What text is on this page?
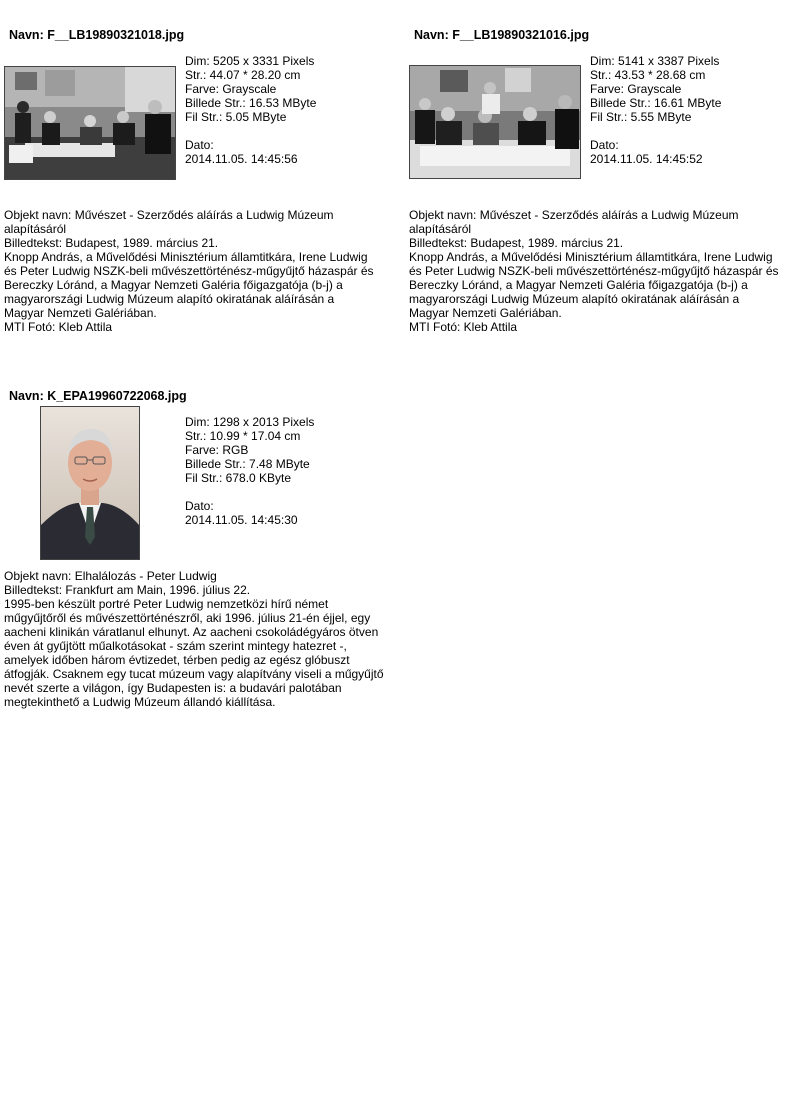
Navn: F__LB19890321018.jpg
Dim: 5205 x 3331 Pixels
Str.: 44.07 * 28.20 cm
Farve: Grayscale
Billede Str.: 16.53 MByte
Fil Str.: 5.05 MByte
Dato:
2014.11.05. 14:45:56
Objekt navn: Művészet - Szerződés aláírás a Ludwig Múzeum alapításáról
Billedtekst: Budapest, 1989. március 21.
Knopp András, a Művelődési Minisztérium államtitkára, Irene Ludwig és Peter Ludwig NSZK-beli művészettörténész-műgyűjtő házaspár és Bereczky Lóránd, a Magyar Nemzeti Galéria főigazgatója (b-j) a magyarországi Ludwig Múzeum alapító okiratának aláírásán a Magyar Nemzeti Galériában.
MTI Fotó: Kleb Attila
Navn: F__LB19890321016.jpg
Dim: 5141 x 3387 Pixels
Str.: 43.53 * 28.68 cm
Farve: Grayscale
Billede Str.: 16.61 MByte
Fil Str.: 5.55 MByte
Dato:
2014.11.05. 14:45:52
Objekt navn: Művészet - Szerződés aláírás a Ludwig Múzeum alapításáról
Billedtekst: Budapest, 1989. március 21.
Knopp András, a Művelődési Minisztérium államtitkára, Irene Ludwig és Peter Ludwig NSZK-beli művészettörténész-műgyűjtő házaspár és Bereczky Lóránd, a Magyar Nemzeti Galéria főigazgatója (b-j) a magyarországi Ludwig Múzeum alapító okiratának aláírásán a Magyar Nemzeti Galériában.
MTI Fotó: Kleb Attila
Navn: K_EPA19960722068.jpg
Dim: 1298 x 2013 Pixels
Str.: 10.99 * 17.04 cm
Farve: RGB
Billede Str.: 7.48 MByte
Fil Str.: 678.0 KByte
Dato:
2014.11.05. 14:45:30
Objekt navn: Elhalálozás - Peter Ludwig
Billedtekst: Frankfurt am Main, 1996. július 22.
1995-ben készült portré Peter Ludwig nemzetközi hírű német műgyűjtőről és művészettörténészről, aki 1996. július 21-én éjjel, egy aacheni klinikán váratlanul elhunyt. Az aacheni csokoládégyáros ötven éven át gyűjtött műalkotásokat - szám szerint mintegy hatezret -, amelyek időben három évtizedet, térben pedig az egész glóbuszt átfogják. Csaknem egy tucat múzeum vagy alapítvány viseli a műgyűjtő nevét szerte a világon, így Budapesten is: a budavári palotában megtekinthető a Ludwig Múzeum állandó kiállítása.
